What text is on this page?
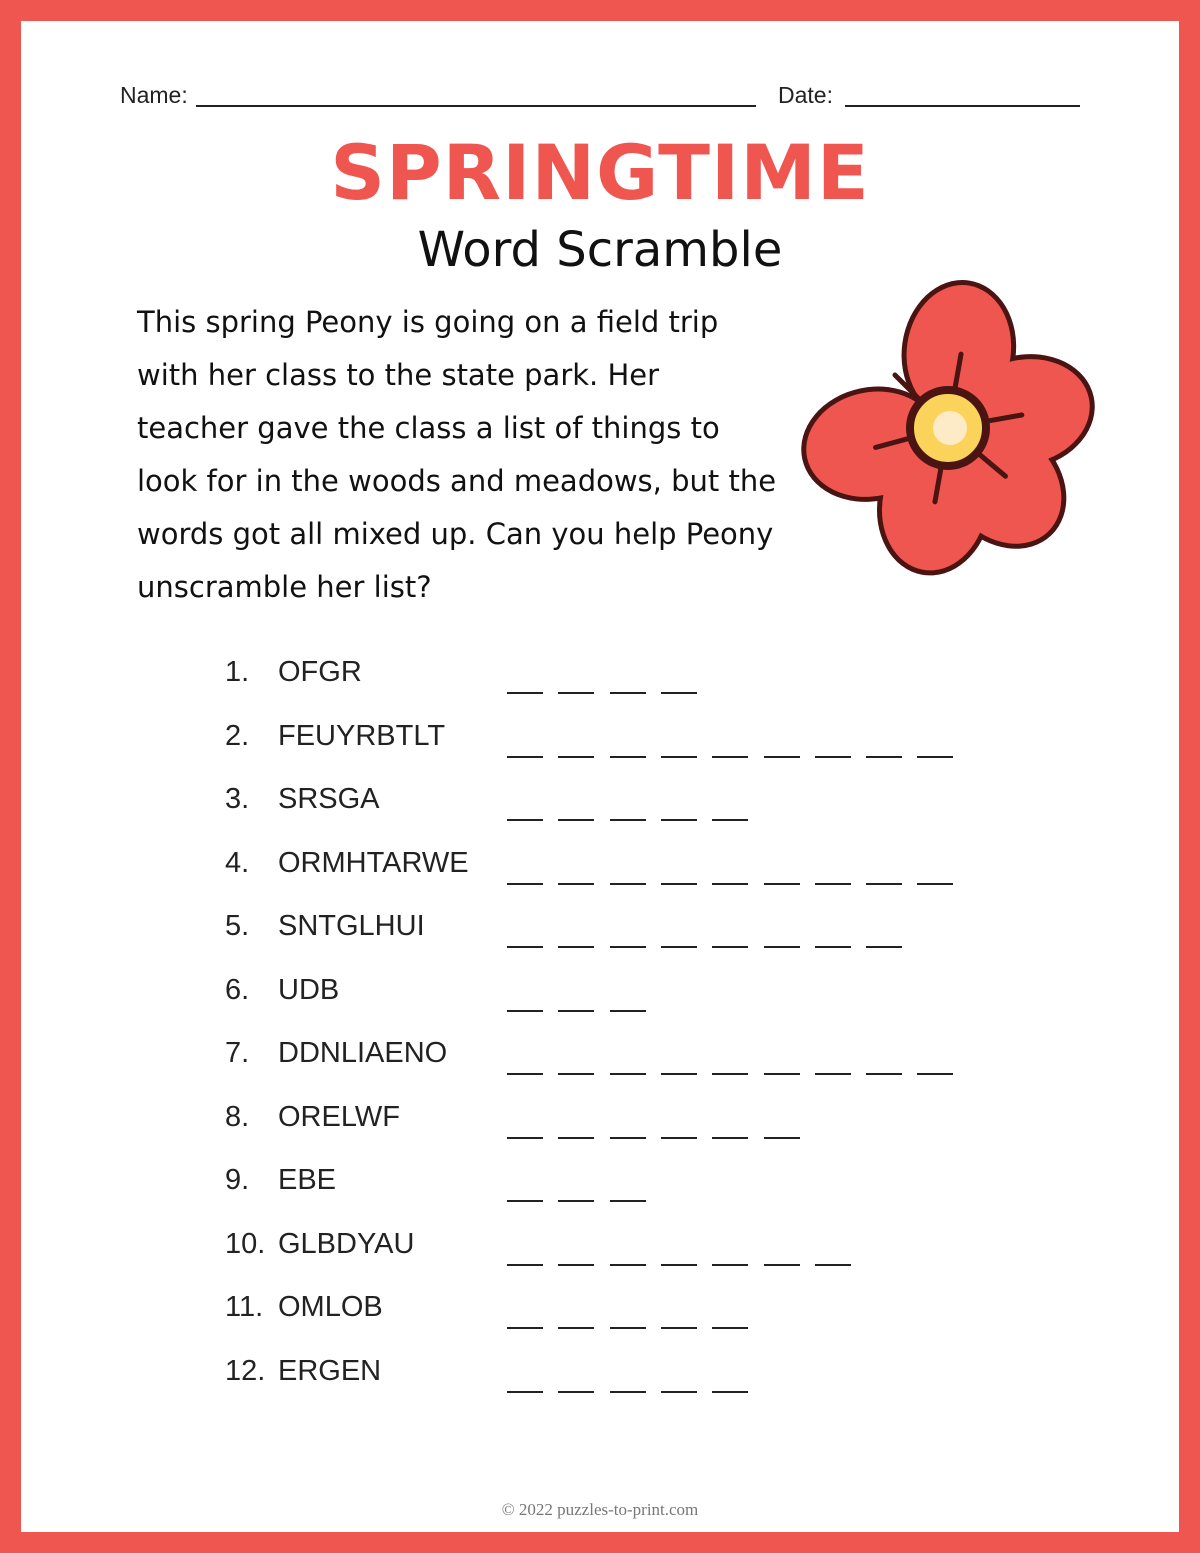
Name:	Date:
SPRINGTIME
Word Scramble
This spring Peony is going on a field trip with her class to the state park. Her teacher gave the class a list of things to look for in the woods and meadows, but the words got all mixed up. Can you help Peony unscramble her list?
1. OFGR
2. FEUYRBTLT
3. SRSGA
4. ORMHTARWE
5. SNTGLHUI
6. UDB
7. DDNLIAENO
8. ORELWF
9. EBE
10. GLBDYAU
11. OMLOB
12. ERGEN
© 2022 puzzles-to-print.com
